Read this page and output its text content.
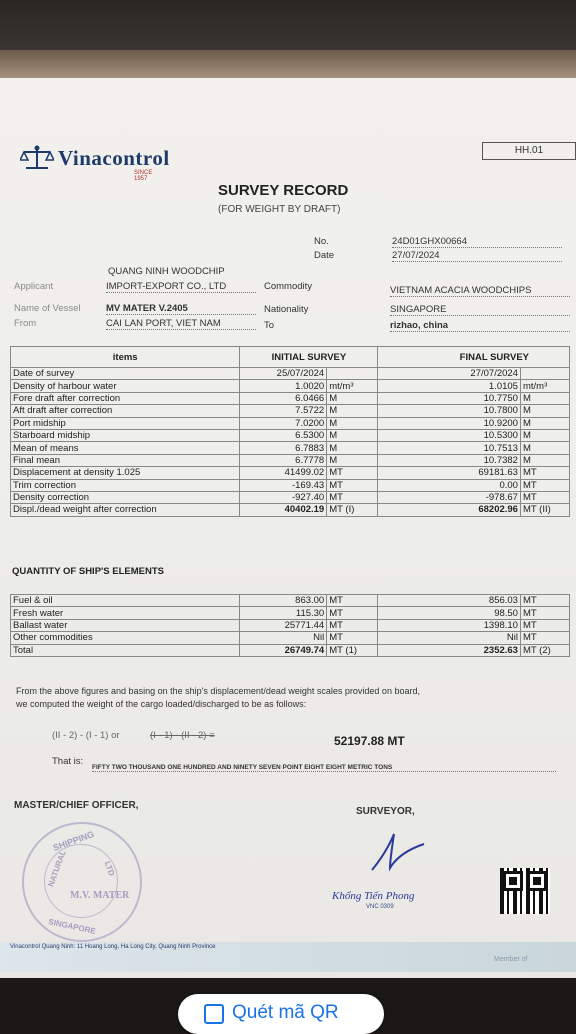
HH.01
Vinacontrol
SINCE 1957
SURVEY RECORD
(FOR WEIGHT BY DRAFT)
No.	24D01GHX00664
Date	27/07/2024
QUANG NINH WOODCHIP
Applicant	IMPORT-EXPORT CO., LTD	Commodity	VIETNAM ACACIA WOODCHIPS
Name of Vessel	MV MATER V.2405	Nationality	SINGAPORE
From	CAI LAN PORT, VIET NAM	To	rizhao, china
items	INITIAL SURVEY		FINAL SURVEY	
Date of survey	25/07/2024		27/07/2024	
Density of harbour water	1.0020	mt/m³	1.0105	mt/m³
Fore draft after correction	6.0466	M	10.7750	M
Aft draft after correction	7.5722	M	10.7800	M
Port midship	7.0200	M	10.9200	M
Starboard midship	6.5300	M	10.5300	M
Mean of means	6.7883	M	10.7513	M
Final mean	6.7778	M	10.7382	M
Displacement at density 1.025	41499.02	MT	69181.63	MT
Trim correction	-169.43	MT	0.00	MT
Density correction	-927.40	MT	-978.67	MT
Displ./dead weight after correction	40402.19	MT (I)	68202.96	MT (II)
QUANTITY OF SHIP'S ELEMENTS
Fuel & oil	863.00	MT	856.03	MT
Fresh water	115.30	MT	98.50	MT
Ballast water	25771.44	MT	1398.10	MT
Other commodities	Nil	MT	Nil	MT
Total	26749.74	MT (1)	2352.63	MT (2)
From the above figures and basing on the ship's displacement/dead weight scales provided on board,
we computed the weight of the cargo loaded/discharged to be as follows:
(II - 2) - (I - 1) or	(I - 1) - (II - 2) =	52197.88 MT
That is:
FIFTY TWO THOUSAND ONE HUNDRED AND NINETY SEVEN POINT EIGHT EIGHT METRIC TONS
MASTER/CHIEF OFFICER,
SURVEYOR,
SHIPPING
NATURAL	LTD
M.V. MATER
SINGAPORE
Khổng Tiến Phong
VNC 0309
Vinacontrol Quang Ninh: 11 Hoang Long, Ha Long City, Quang Ninh Province
Member of
Quét mã QR
